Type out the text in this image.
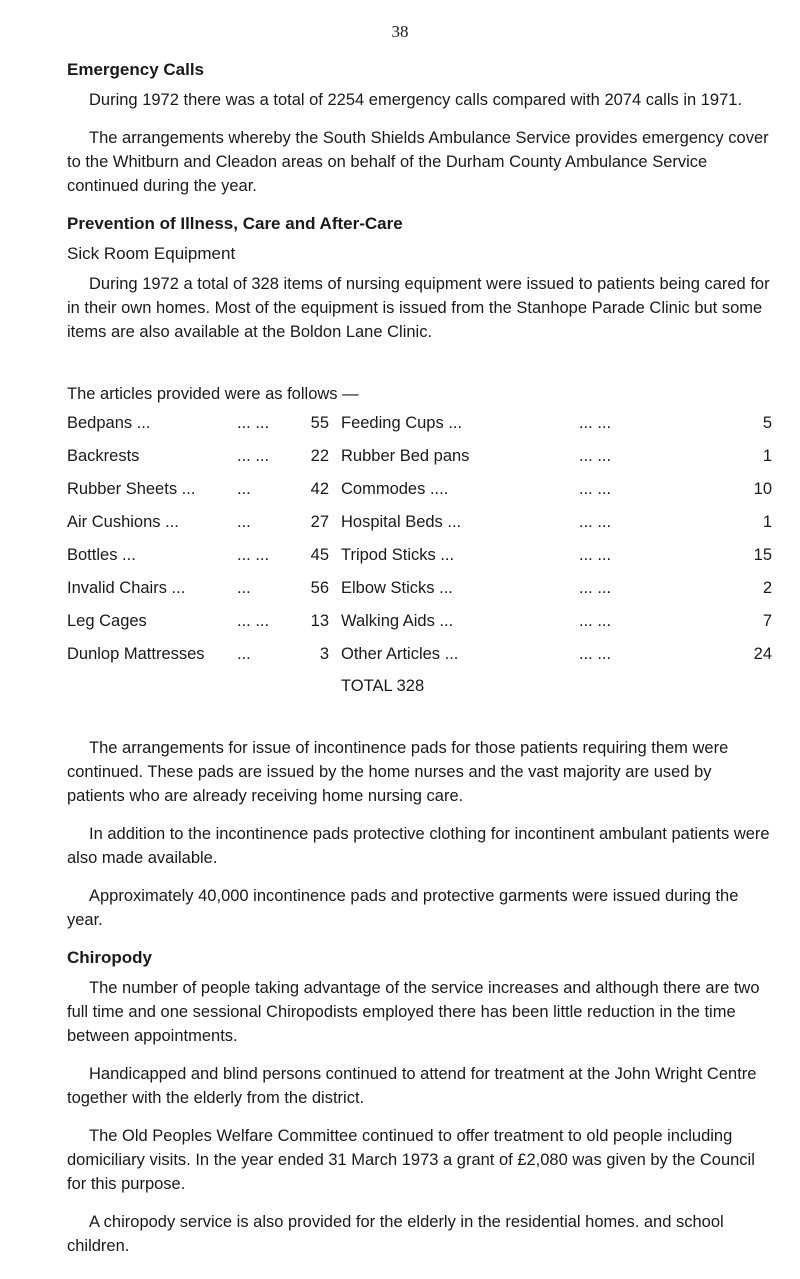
38
Emergency Calls

During 1972 there was a total of 2254 emergency calls compared with 2074 calls in 1971.

The arrangements whereby the South Shields Ambulance Service provides emergency cover to the Whitburn and Cleadon areas on behalf of the Durham County Ambulance Service continued during the year.

Prevention of Illness, Care and After-Care
Sick Room Equipment

During 1972 a total of 328 items of nursing equipment were issued to patients being cared for in their own homes. Most of the equipment is issued from the Stanhope Parade Clinic but some items are also available at the Boldon Lane Clinic.

The articles provided were as follows —
Bedpans ...	... ...	55 Feeding Cups ...	... ...	5
Backrests	... ...	22 Rubber Bed pans	... ...	1
Rubber Sheets ...	...	42 Commodes ....	... ...	10
Air Cushions ...	...	27 Hospital Beds ...	... ...	1
Bottles ...	... ...	45 Tripod Sticks ...	... ...	15
Invalid Chairs ...	...	56 Elbow Sticks ...	... ...	2
Leg Cages	... ...	13 Walking Aids ...	... ...	7
Dunlop Mattresses ...	3 Other Articles ...	... ...	24
TOTAL 328

The arrangements for issue of incontinence pads for those patients requiring them were continued. These pads are issued by the home nurses and the vast majority are used by patients who are already receiving home nursing care.

In addition to the incontinence pads protective clothing for incontinent ambulant patients were also made available.

Approximately 40,000 incontinence pads and protective garments were issued during the year.

Chiropody

The number of people taking advantage of the service increases and although there are two full time and one sessional Chiropodists employed there has been little reduction in the time between appointments.

Handicapped and blind persons continued to attend for treatment at the John Wright Centre together with the elderly from the district.

The Old Peoples Welfare Committee continued to offer treatment to old people including domiciliary visits. In the year ended 31 March 1973 a grant of £2,080 was given by the Council for this purpose.

A chiropody service is also provided for the elderly in the residential homes. and school children.
